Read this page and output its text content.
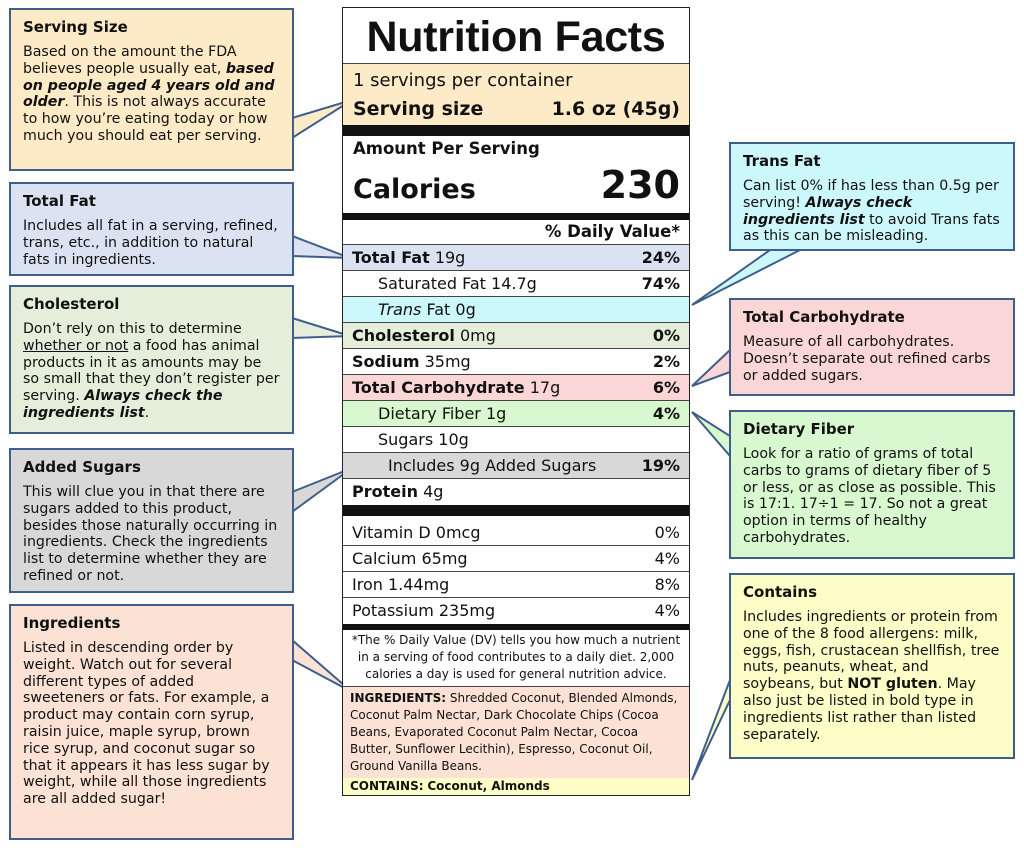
Serving Size
Based on the amount the FDA believes people usually eat, based on people aged 4 years old and older. This is not always accurate to how you’re eating today or how much you should eat per serving.
Total Fat
Includes all fat in a serving, refined, trans, etc., in addition to natural fats in ingredients.
Cholesterol
Don’t rely on this to determine whether or not a food has animal products in it as amounts may be so small that they don’t register per serving. Always check the ingredients list.
Added Sugars
This will clue you in that there are sugars added to this product, besides those naturally occurring in ingredients. Check the ingredients list to determine whether they are refined or not.
Ingredients
Listed in descending order by weight. Watch out for several different types of added sweeteners or fats. For example, a product may contain corn syrup, raisin juice, maple syrup, brown rice syrup, and coconut sugar so that it appears it has less sugar by weight, while all those ingredients are all added sugar!
Trans Fat
Can list 0% if has less than 0.5g per serving! Always check ingredients list to avoid Trans fats as this can be misleading.
Total Carbohydrate
Measure of all carbohydrates. Doesn’t separate out refined carbs or added sugars.
Dietary Fiber
Look for a ratio of grams of total carbs to grams of dietary fiber of 5 or less, or as close as possible. This is 17:1. 17÷1 = 17. So not a great option in terms of healthy carbohydrates.
Contains
Includes ingredients or protein from one of the 8 food allergens: milk, eggs, fish, crustacean shellfish, tree nuts, peanuts, wheat, and soybeans, but NOT gluten. May also just be listed in bold type in ingredients list rather than listed separately.
Nutrition Facts
1 servings per container
Serving size	1.6 oz (45g)
Amount Per Serving
Calories	230
% Daily Value*
Total Fat 19g	24%
Saturated Fat 14.7g	74%
Trans Fat 0g
Cholesterol 0mg	0%
Sodium 35mg	2%
Total Carbohydrate 17g	6%
Dietary Fiber 1g	4%
Sugars 10g
Includes 9g Added Sugars	19%
Protein 4g
Vitamin D 0mcg	0%
Calcium 65mg	4%
Iron 1.44mg	8%
Potassium 235mg	4%
*The % Daily Value (DV) tells you how much a nutrient
in a serving of food contributes to a daily diet. 2,000
calories a day is used for general nutrition advice.
INGREDIENTS: Shredded Coconut, Blended Almonds,
Coconut Palm Nectar, Dark Chocolate Chips (Cocoa
Beans, Evaporated Coconut Palm Nectar, Cocoa
Butter, Sunflower Lecithin), Espresso, Coconut Oil,
Ground Vanilla Beans.
CONTAINS: Coconut, Almonds
